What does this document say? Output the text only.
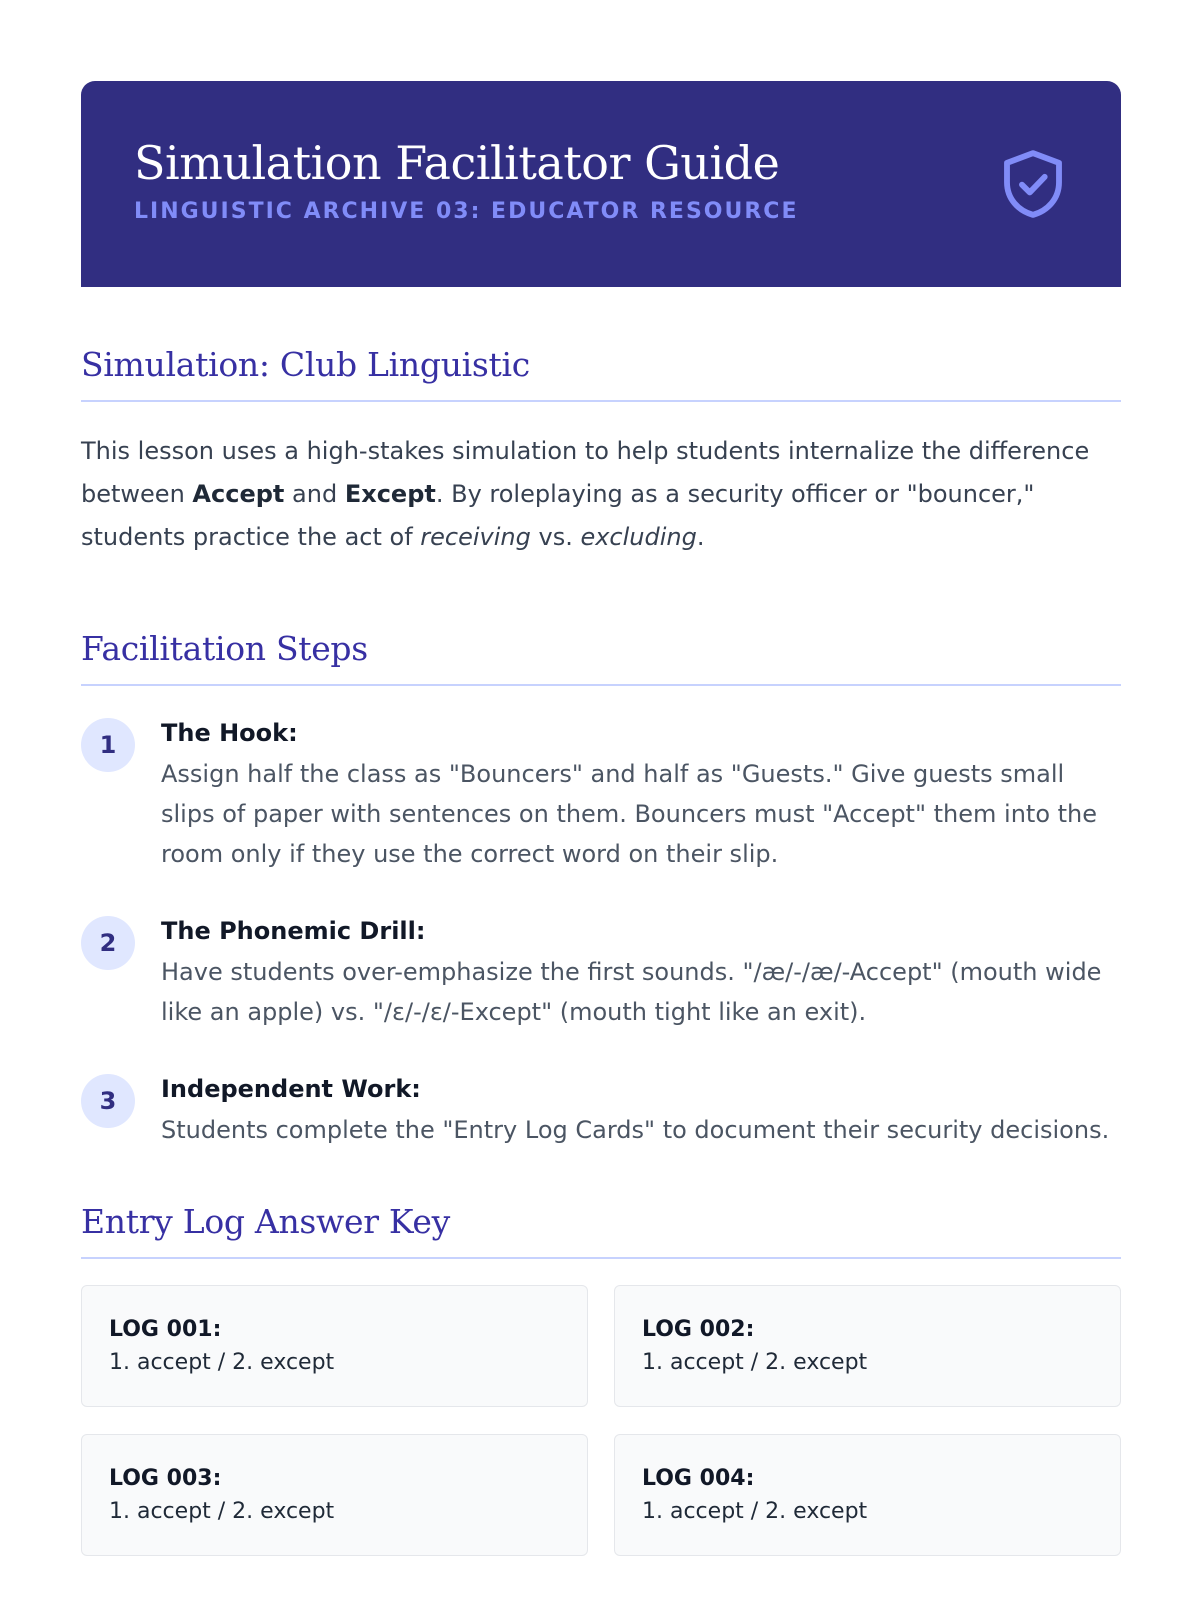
Simulation Facilitator Guide
LINGUISTIC ARCHIVE 03: EDUCATOR RESOURCE
Simulation: Club Linguistic
This lesson uses a high-stakes simulation to help students internalize the difference between Accept and Except. By roleplaying as a security officer or "bouncer," students practice the act of receiving vs. excluding.
Facilitation Steps
1	The Hook:
Assign half the class as "Bouncers" and half as "Guests." Give guests small slips of paper with sentences on them. Bouncers must "Accept" them into the room only if they use the correct word on their slip.
2	The Phonemic Drill:
Have students over-emphasize the first sounds. "/æ/-/æ/-Accept" (mouth wide like an apple) vs. "/ɛ/-/ɛ/-Except" (mouth tight like an exit).
3	Independent Work:
Students complete the "Entry Log Cards" to document their security decisions.
Entry Log Answer Key
LOG 001:
1. accept / 2. except
LOG 002:
1. accept / 2. except
LOG 003:
1. accept / 2. except
LOG 004:
1. accept / 2. except
